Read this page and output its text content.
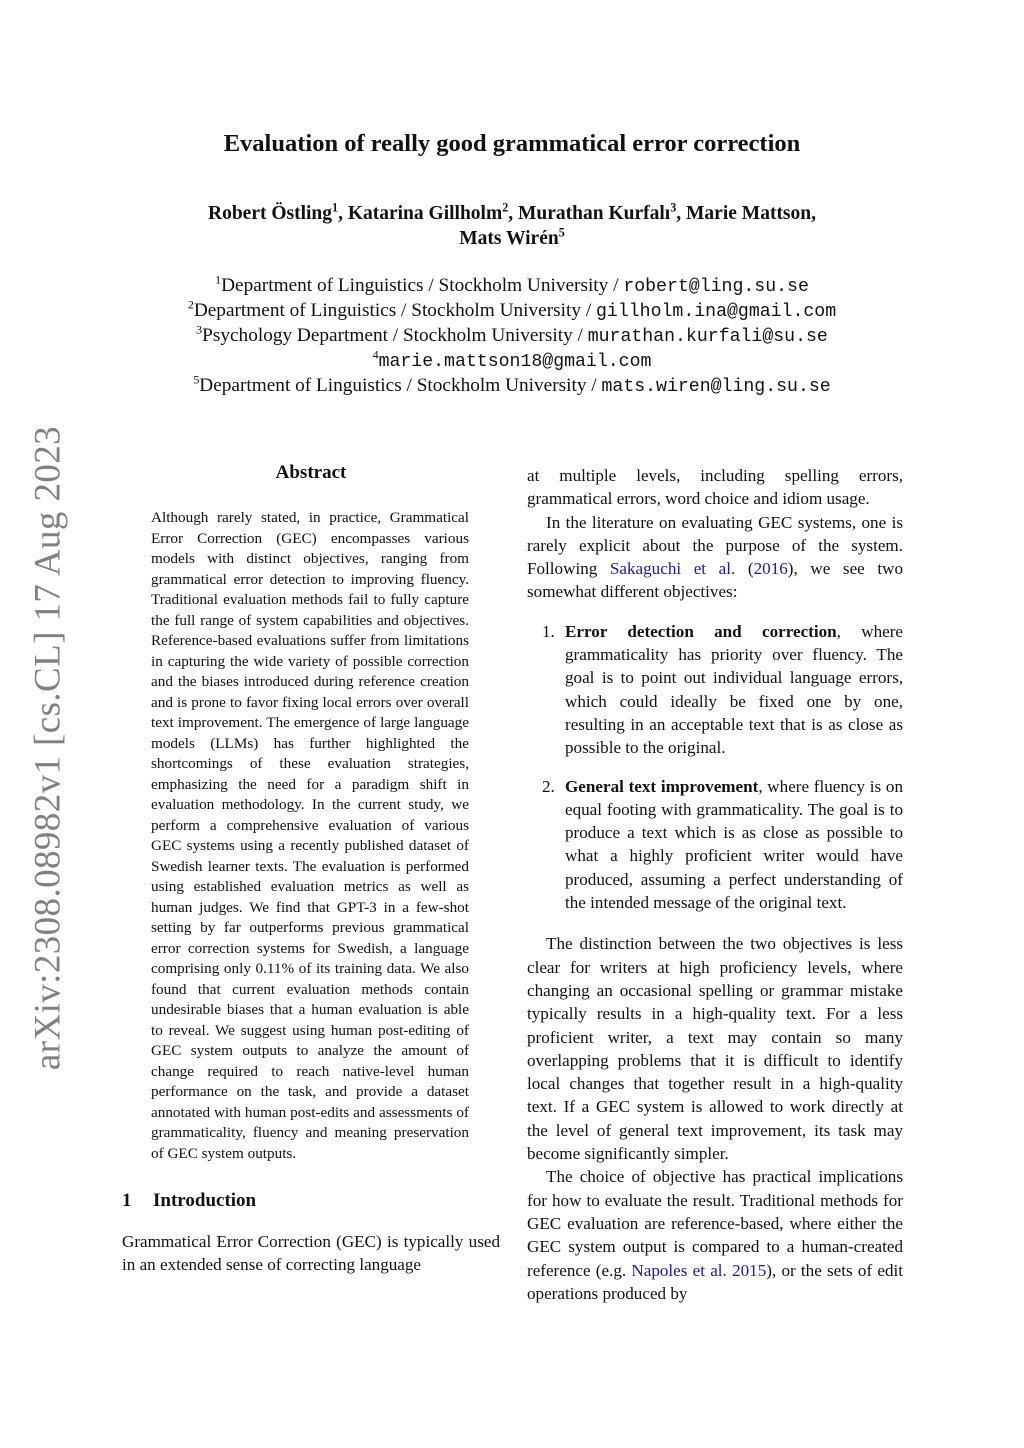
arXiv:2308.08982v1 [cs.CL] 17 Aug 2023
Evaluation of really good grammatical error correction
Robert Östling$^1$, Katarina Gillholm$^2$, Murathan Kurfalı$^3$, Marie Mattson,
Mats Wirén$^5$
$^1$Department of Linguistics / Stockholm University / robert@ling.su.se
$^2$Department of Linguistics / Stockholm University / gillholm.ina@gmail.com
$^3$Psychology Department / Stockholm University / murathan.kurfali@su.se
$^4$marie.mattson18@gmail.com
$^5$Department of Linguistics / Stockholm University / mats.wiren@ling.su.se
Abstract

Although rarely stated, in practice, Grammatical Error Correction (GEC) encompasses various models with distinct objectives, ranging from grammatical error detection to improving fluency. Traditional evaluation methods fail to fully capture the full range of system capabilities and objectives. Reference-based evaluations suffer from limitations in capturing the wide variety of possible correction and the biases introduced during reference creation and is prone to favor fixing local errors over overall text improvement. The emergence of large language models (LLMs) has further highlighted the shortcomings of these evaluation strategies, emphasizing the need for a paradigm shift in evaluation methodology. In the current study, we perform a comprehensive evaluation of various GEC systems using a recently published dataset of Swedish learner texts. The evaluation is performed using established evaluation metrics as well as human judges. We find that GPT-3 in a few-shot setting by far outperforms previous grammatical error correction systems for Swedish, a language comprising only 0.11% of its training data. We also found that current evaluation methods contain undesirable biases that a human evaluation is able to reveal. We suggest using human post-editing of GEC system outputs to analyze the amount of change required to reach native-level human performance on the task, and provide a dataset annotated with human post-edits and assessments of grammaticality, fluency and meaning preservation of GEC system outputs.

1 Introduction

Grammatical Error Correction (GEC) is typically used in an extended sense of correcting language

at multiple levels, including spelling errors, grammatical errors, word choice and idiom usage.

In the literature on evaluating GEC systems, one is rarely explicit about the purpose of the system. Following Sakaguchi et al. (2016), we see two somewhat different objectives:

1. Error detection and correction, where grammaticality has priority over fluency. The goal is to point out individual language errors, which could ideally be fixed one by one, resulting in an acceptable text that is as close as possible to the original.
2. General text improvement, where fluency is on equal footing with grammaticality. The goal is to produce a text which is as close as possible to what a highly proficient writer would have produced, assuming a perfect understanding of the intended message of the original text.

The distinction between the two objectives is less clear for writers at high proficiency levels, where changing an occasional spelling or grammar mistake typically results in a high-quality text. For a less proficient writer, a text may contain so many overlapping problems that it is difficult to identify local changes that together result in a high-quality text. If a GEC system is allowed to work directly at the level of general text improvement, its task may become significantly simpler.

The choice of objective has practical implications for how to evaluate the result. Traditional methods for GEC evaluation are reference-based, where either the GEC system output is compared to a human-created reference (e.g. Napoles et al. 2015), or the sets of edit operations produced by
